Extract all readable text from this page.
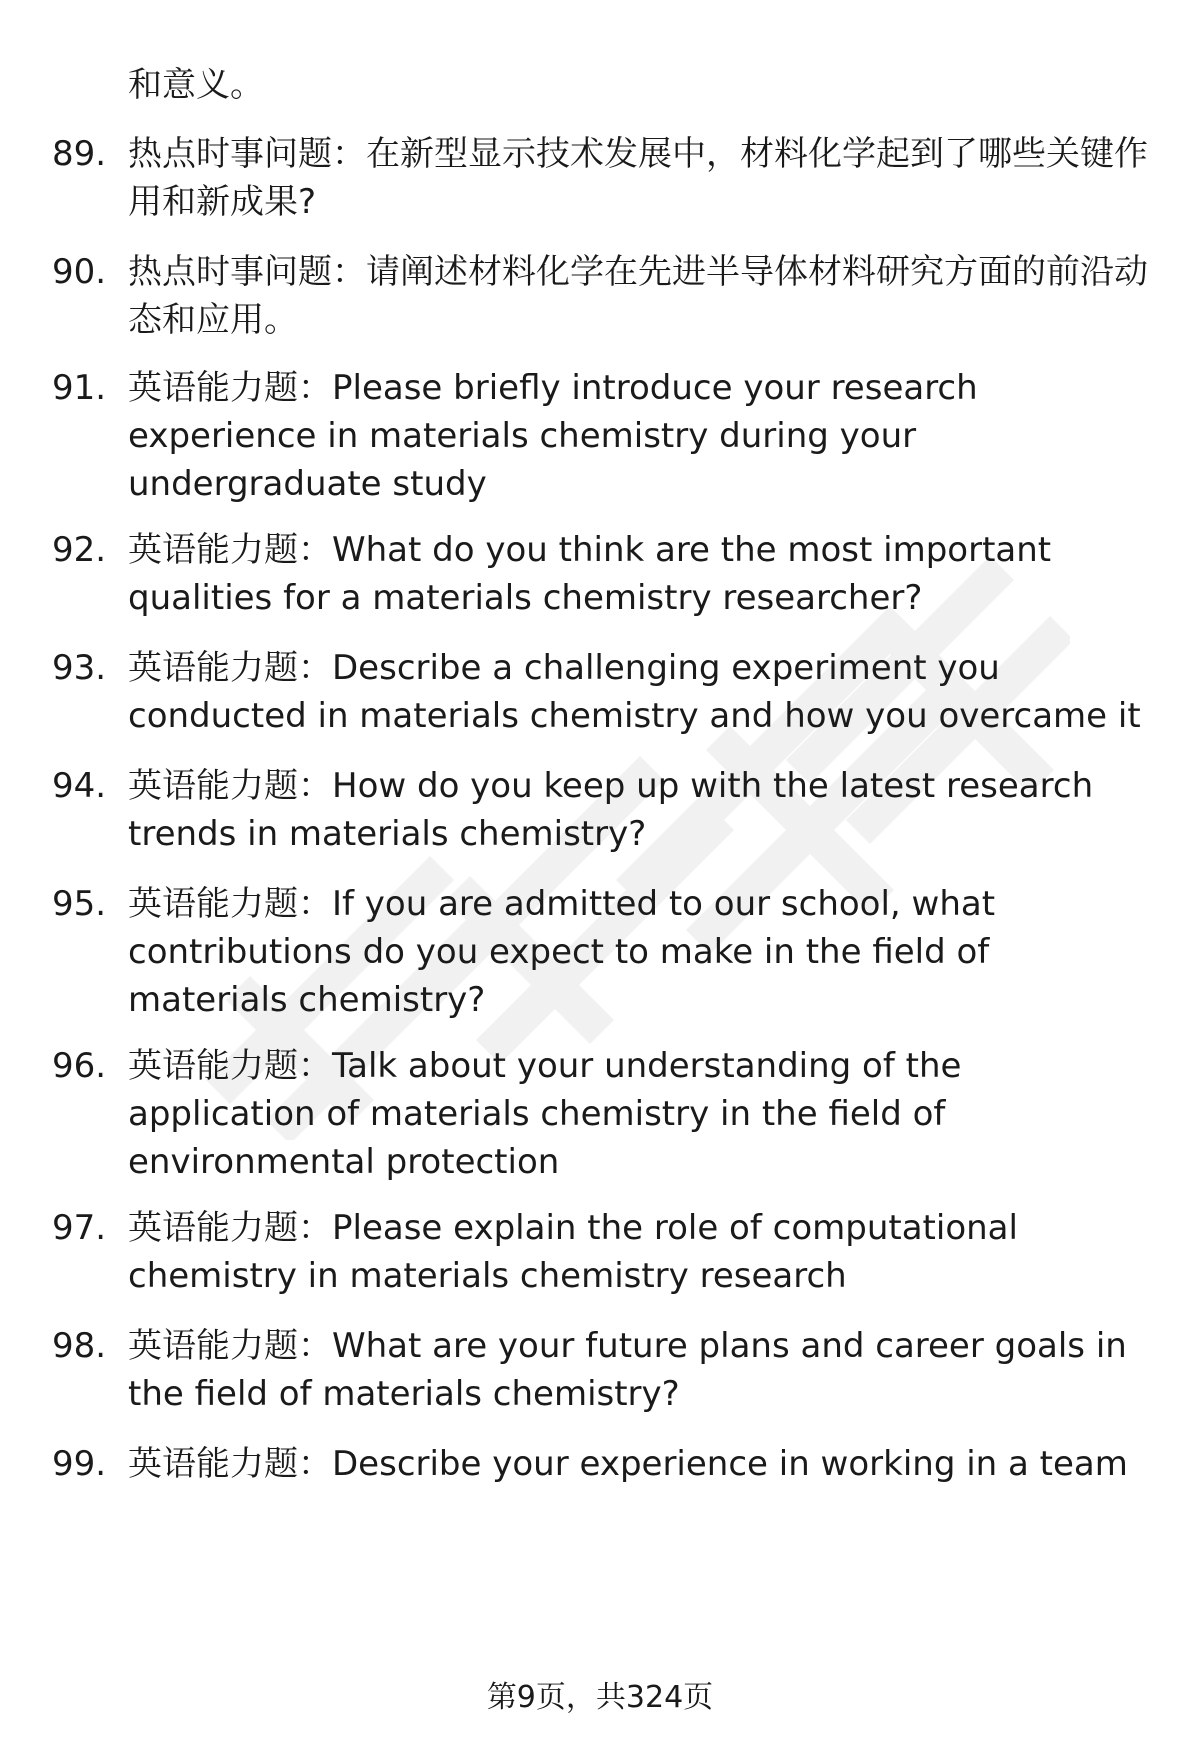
和意义。

89. 热点时事问题：在新型显示技术发展中，材料化学起到了哪些关键作用和新成果?
90. 热点时事问题：请阐述材料化学在先进半导体材料研究方面的前沿动态和应用。
91. 英语能力题：Please briefly introduce your research experience in materials chemistry during your undergraduate study
92. 英语能力题：What do you think are the most important qualities for a materials chemistry researcher?
93. 英语能力题：Describe a challenging experiment you conducted in materials chemistry and how you overcame it
94. 英语能力题：How do you keep up with the latest research trends in materials chemistry?
95. 英语能力题：If you are admitted to our school, what contributions do you expect to make in the field of materials chemistry?
96. 英语能力题：Talk about your understanding of the application of materials chemistry in the field of environmental protection
97. 英语能力题：Please explain the role of computational chemistry in materials chemistry research
98. 英语能力题：What are your future plans and career goals in the field of materials chemistry?
99. 英语能力题：Describe your experience in working in a team
第9页，共324页
